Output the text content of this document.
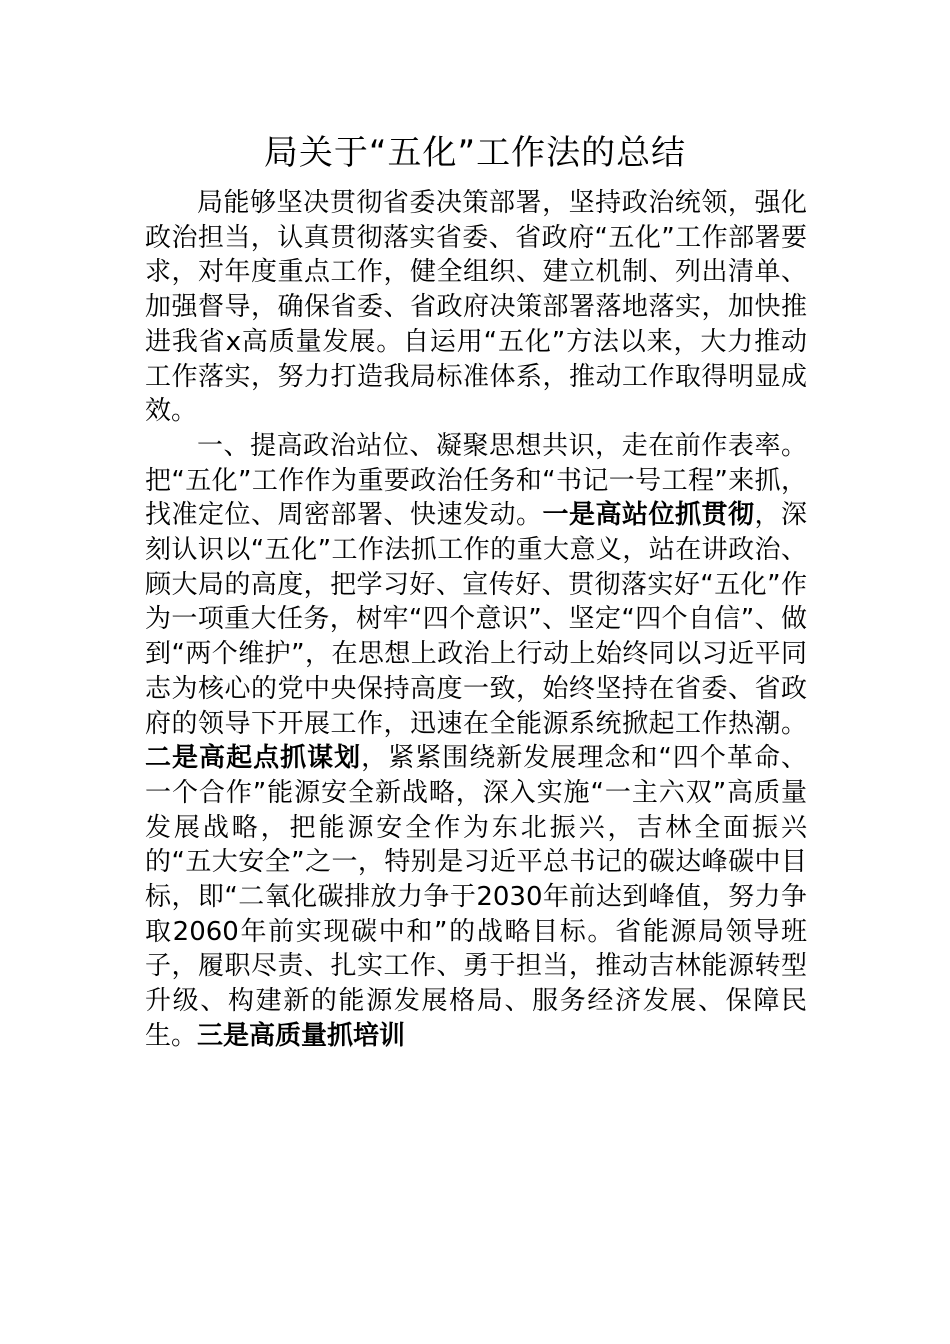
局关于“五化”工作法的总结

局能够坚决贯彻省委决策部署，坚持政治统领，强化政治担当，认真贯彻落实省委、省政府“五化”工作部署要求，对年度重点工作，健全组织、建立机制、列出清单、加强督导，确保省委、省政府决策部署落地落实，加快推进我省x高质量发展。自运用“五化”方法以来，大力推动工作落实，努力打造我局标准体系，推动工作取得明显成效。

一、提高政治站位、凝聚思想共识，走在前作表率。把“五化”工作作为重要政治任务和“书记一号工程”来抓，找准定位、周密部署、快速发动。一是高站位抓贯彻，深刻认识以“五化”工作法抓工作的重大意义，站在讲政治、顾大局的高度，把学习好、宣传好、贯彻落实好“五化”作为一项重大任务，树牢“四个意识”、坚定“四个自信”、做到“两个维护”，在思想上政治上行动上始终同以习近平同志为核心的党中央保持高度一致，始终坚持在省委、省政府的领导下开展工作，迅速在全能源系统掀起工作热潮。二是高起点抓谋划，紧紧围绕新发展理念和“四个革命、一个合作”能源安全新战略，深入实施“一主六双”高质量发展战略，把能源安全作为东北振兴，吉林全面振兴的“五大安全”之一，特别是习近平总书记的碳达峰碳中目标，即“二氧化碳排放力争于2030年前达到峰值，努力争取2060年前实现碳中和”的战略目标。省能源局领导班子，履职尽责、扎实工作、勇于担当，推动吉林能源转型升级、构建新的能源发展格局、服务经济发展、保障民生。三是高质量抓培训
